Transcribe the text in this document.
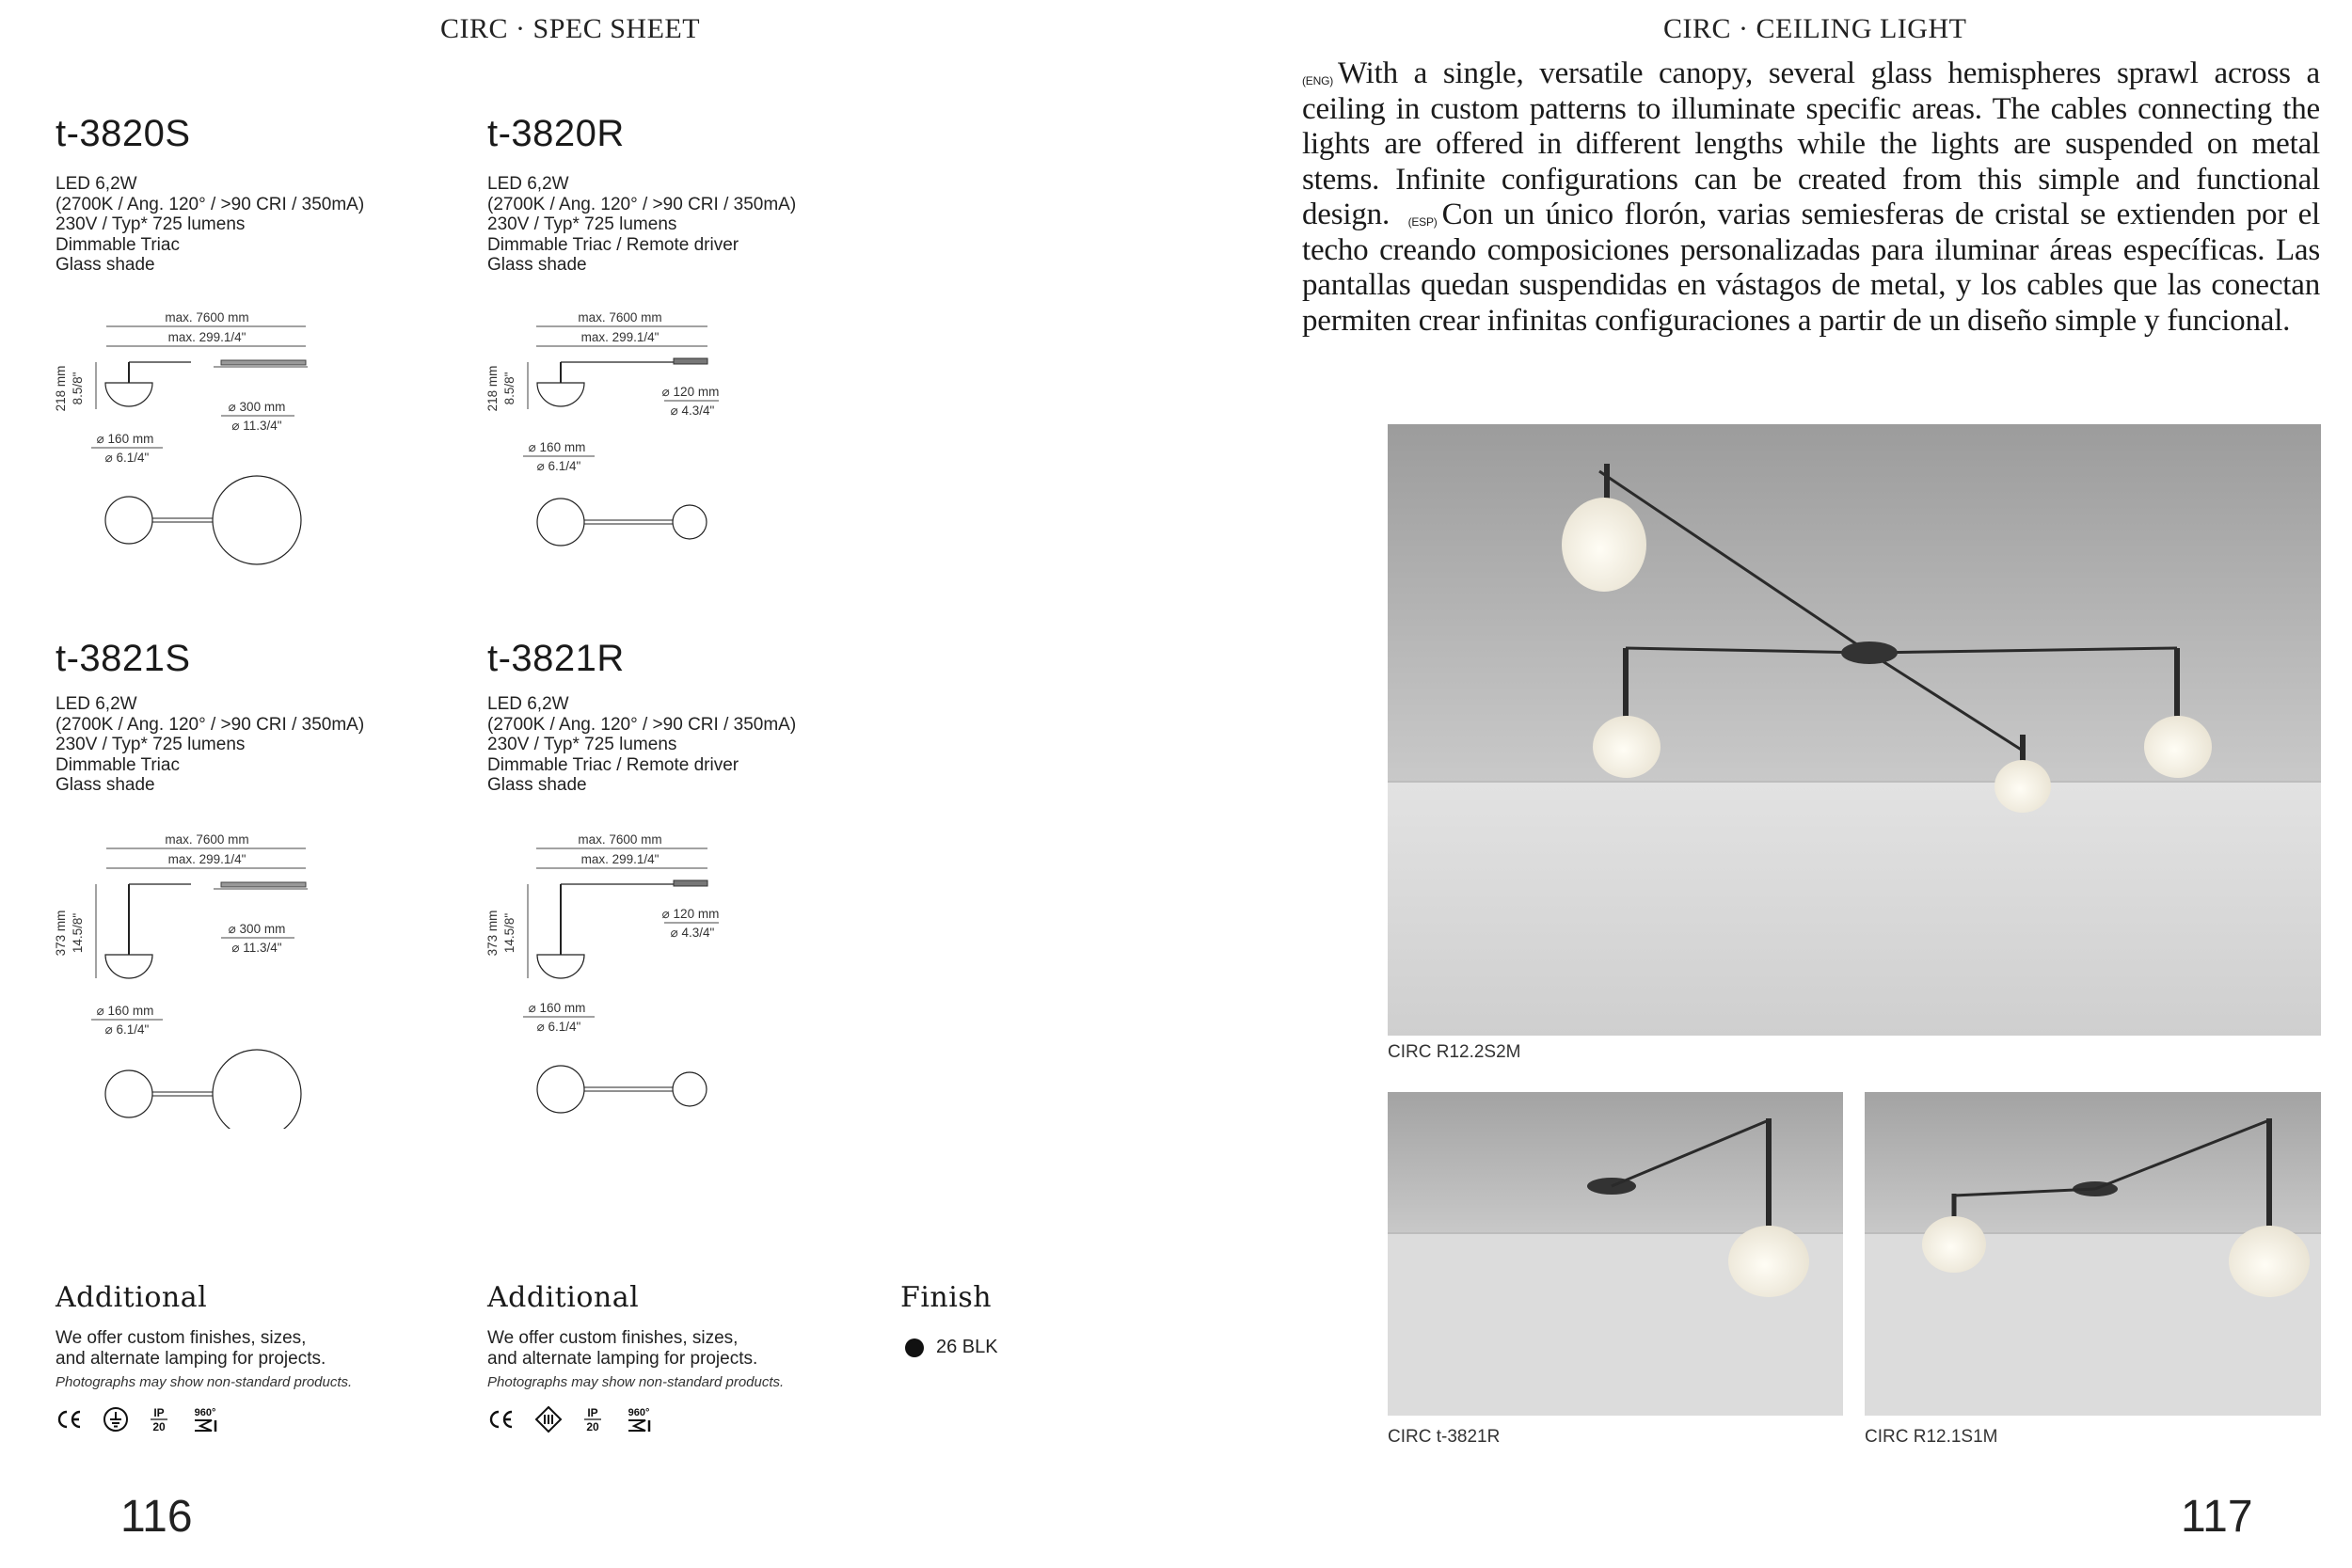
CIRC · SPEC SHEET
t-3820S
LED 6,2W
(2700K / Ang. 120° / >90 CRI / 350mA)
230V / Typ* 725 lumens
Dimmable Triac
Glass shade
max. 7600 mm
max. 299.1/4"
218 mm 8.5/8"
⌀ 300 mm
⌀ 11.3/4"
⌀ 160 mm
⌀ 6.1/4"
t-3820R
LED 6,2W
(2700K / Ang. 120° / >90 CRI / 350mA)
230V / Typ* 725 lumens
Dimmable Triac / Remote driver
Glass shade
max. 7600 mm
max. 299.1/4"
218 mm 8.5/8"	⌀ 120 mm
⌀ 4.3/4"
⌀ 160 mm
⌀ 6.1/4"
t-3821S
LED 6,2W
(2700K / Ang. 120° / >90 CRI / 350mA)
230V / Typ* 725 lumens
Dimmable Triac
Glass shade
max. 7600 mm
max. 299.1/4"
373 mm 14.5/8"	⌀ 300 mm
⌀ 11.3/4"
⌀ 160 mm
⌀ 6.1/4"
t-3821R
LED 6,2W
(2700K / Ang. 120° / >90 CRI / 350mA)
230V / Typ* 725 lumens
Dimmable Triac / Remote driver
Glass shade
max. 7600 mm
max. 299.1/4"
373 mm 14.5/8"	⌀ 120 mm
⌀ 4.3/4"
⌀ 160 mm
⌀ 6.1/4"
Additional
We offer custom finishes, sizes,
and alternate lamping for projects.
Photographs may show non-standard products.
IP
20
960°
Additional
We offer custom finishes, sizes,
and alternate lamping for projects.
Photographs may show non-standard products.
IP
20
960°
Finish
26 BLK
116
CIRC · CEILING LIGHT
$^{(ENG)}$ With a single, versatile canopy, several glass hemispheres sprawl across a ceiling in custom patterns to illuminate specific areas. The cables connecting the lights are offered in different lengths while the lights are suspended on metal stems. Infinite configurations can be created from this simple and functional design. $^{(ESP)}$ Con un único florón, varias semiesferas de cristal se extienden por el techo creando composiciones personalizadas para iluminar áreas específicas. Las pantallas quedan suspendidas en vástagos de metal, y los cables que las conectan permiten crear infinitas configuraciones a partir de un diseño simple y funcional.
CIRC R12.2S2M
CIRC t-3821R	CIRC R12.1S1M
117
